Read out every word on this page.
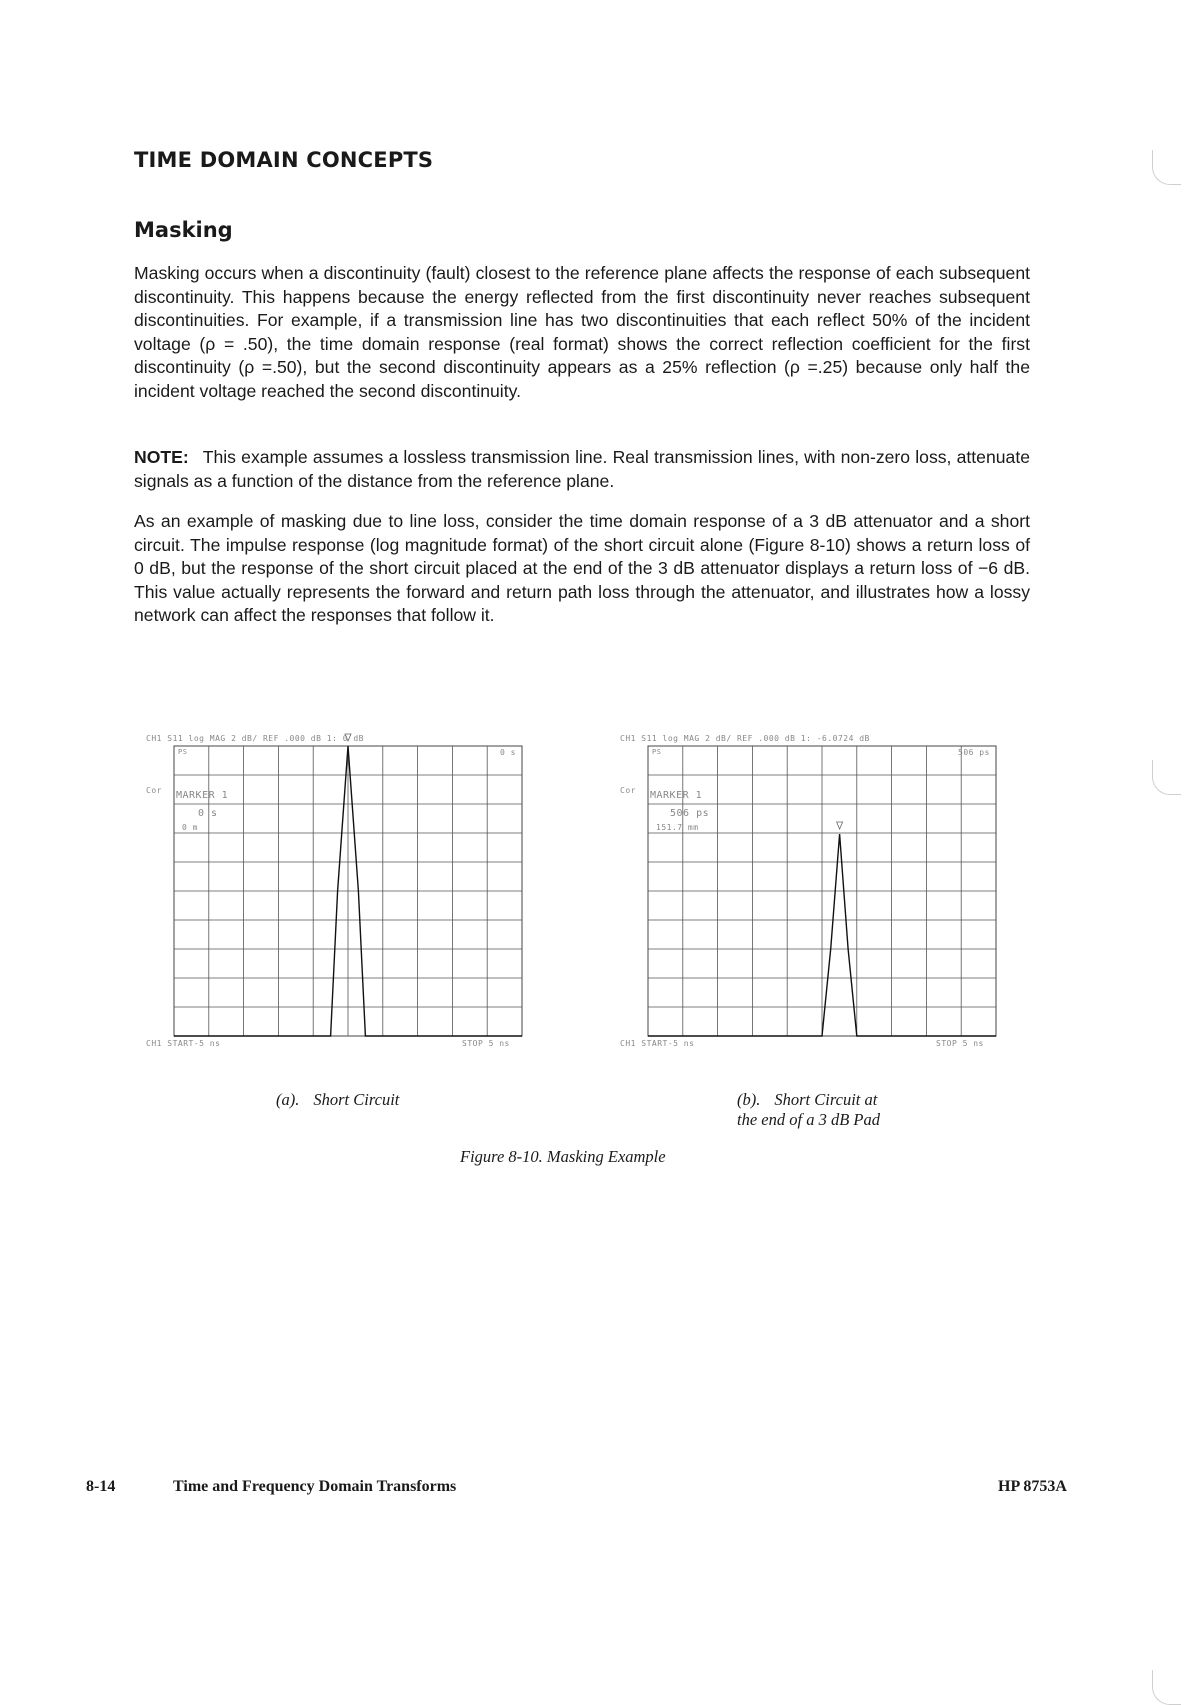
TIME DOMAIN CONCEPTS
Masking

Masking occurs when a discontinuity (fault) closest to the reference plane affects the response of each subsequent discontinuity. This happens because the energy reflected from the first discontinuity never reaches subsequent discontinuities. For example, if a transmission line has two discontinuities that each reflect 50% of the incident voltage (ρ = .50), the time domain response (real format) shows the correct reflection coefficient for the first discontinuity (ρ =.50), but the second discontinuity appears as a 25% reflection (ρ =.25) because only half the incident voltage reached the second discontinuity.

NOTE: This example assumes a lossless transmission line. Real transmission lines, with non-zero loss, attenuate signals as a function of the distance from the reference plane.

As an example of masking due to line loss, consider the time domain response of a 3 dB attenuator and a short circuit. The impulse response (log magnitude format) of the short circuit alone (Figure 8-10) shows a return loss of 0 dB, but the response of the short circuit placed at the end of the 3 dB attenuator displays a return loss of −6 dB. This value actually represents the forward and return path loss through the attenuator, and illustrates how a lossy network can affect the responses that follow it.

CH1 S11 log MAG 2 dB/ REF .000 dB 1: 0 dB
PS	0 s
Cor MARKER 1
0 s
0 m
CH1 START-5 ns	STOP 5 ns
CH1 S11 log MAG 2 dB/ REF .000 dB 1: -6.0724 dB
PS	506 ps
Cor MARKER 1
506 ps
151.7 mm
CH1 START-5 ns	STOP 5 ns
(a). Short Circuit	(b). Short Circuit at
the end of a 3 dB Pad
Figure 8-10. Masking Example
8-14	Time and Frequency Domain Transforms	HP 8753A
